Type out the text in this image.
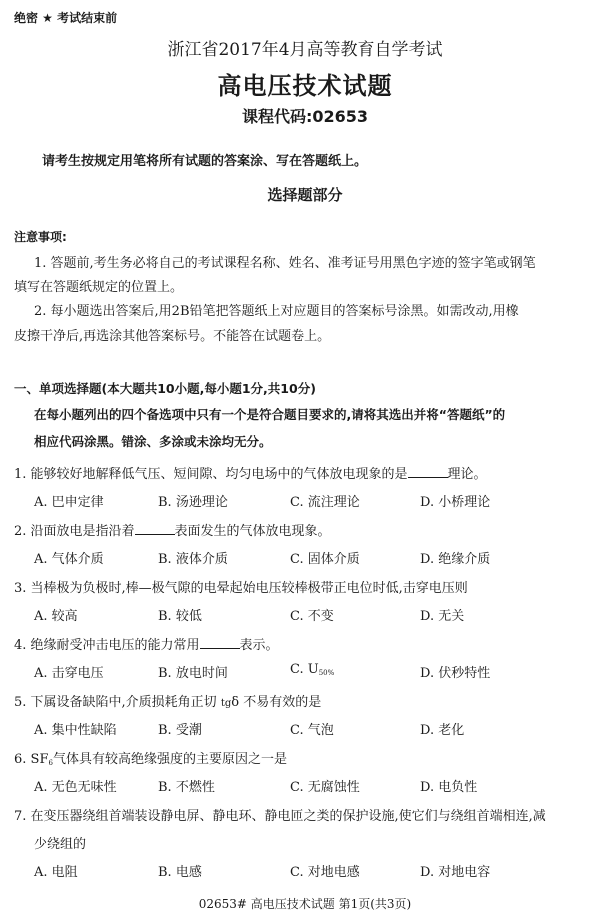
绝密 ★ 考试结束前
浙江省2017年4月高等教育自学考试
高电压技术试题
课程代码:02653
请考生按规定用笔将所有试题的答案涂、写在答题纸上。
选择题部分
注意事项:
1. 答题前,考生务必将自己的考试课程名称、姓名、准考证号用黑色字迹的签字笔或钢笔
填写在答题纸规定的位置上。
2. 每小题选出答案后,用2B铅笔把答题纸上对应题目的答案标号涂黑。如需改动,用橡
皮擦干净后,再选涂其他答案标号。不能答在试题卷上。
一、单项选择题(本大题共10小题,每小题1分,共10分)
在每小题列出的四个备选项中只有一个是符合题目要求的,请将其选出并将“答题纸”的
相应代码涂黑。错涂、多涂或未涂均无分。
1. 能够较好地解释低气压、短间隙、均匀电场中的气体放电现象的是	理论。
A. 巴申定律	B. 汤逊理论	C. 流注理论	D. 小桥理论
2. 沿面放电是指沿着	表面发生的气体放电现象。
A. 气体介质	B. 液体介质	C. 固体介质	D. 绝缘介质
3. 当棒极为负极时,棒—极气隙的电晕起始电压较棒极带正电位时低,击穿电压则
A. 较高	B. 较低	C. 不变	D. 无关
4. 绝缘耐受冲击电压的能力常用	表示。
A. 击穿电压	B. 放电时间	C. $U_{50\%}$	D. 伏秒特性
5. 下属设备缺陷中,介质损耗角正切 tgδ 不易有效的是
A. 集中性缺陷	B. 受潮	C. 气泡	D. 老化
6. $SF_6$气体具有较高绝缘强度的主要原因之一是
A. 无色无味性	B. 不燃性	C. 无腐蚀性	D. 电负性
7. 在变压器绕组首端装设静电屏、静电环、静电匝之类的保护设施,使它们与绕组首端相连,减
少绕组的
A. 电阻	B. 电感	C. 对地电感	D. 对地电容
02653# 高电压技术试题 第1页(共3页)
